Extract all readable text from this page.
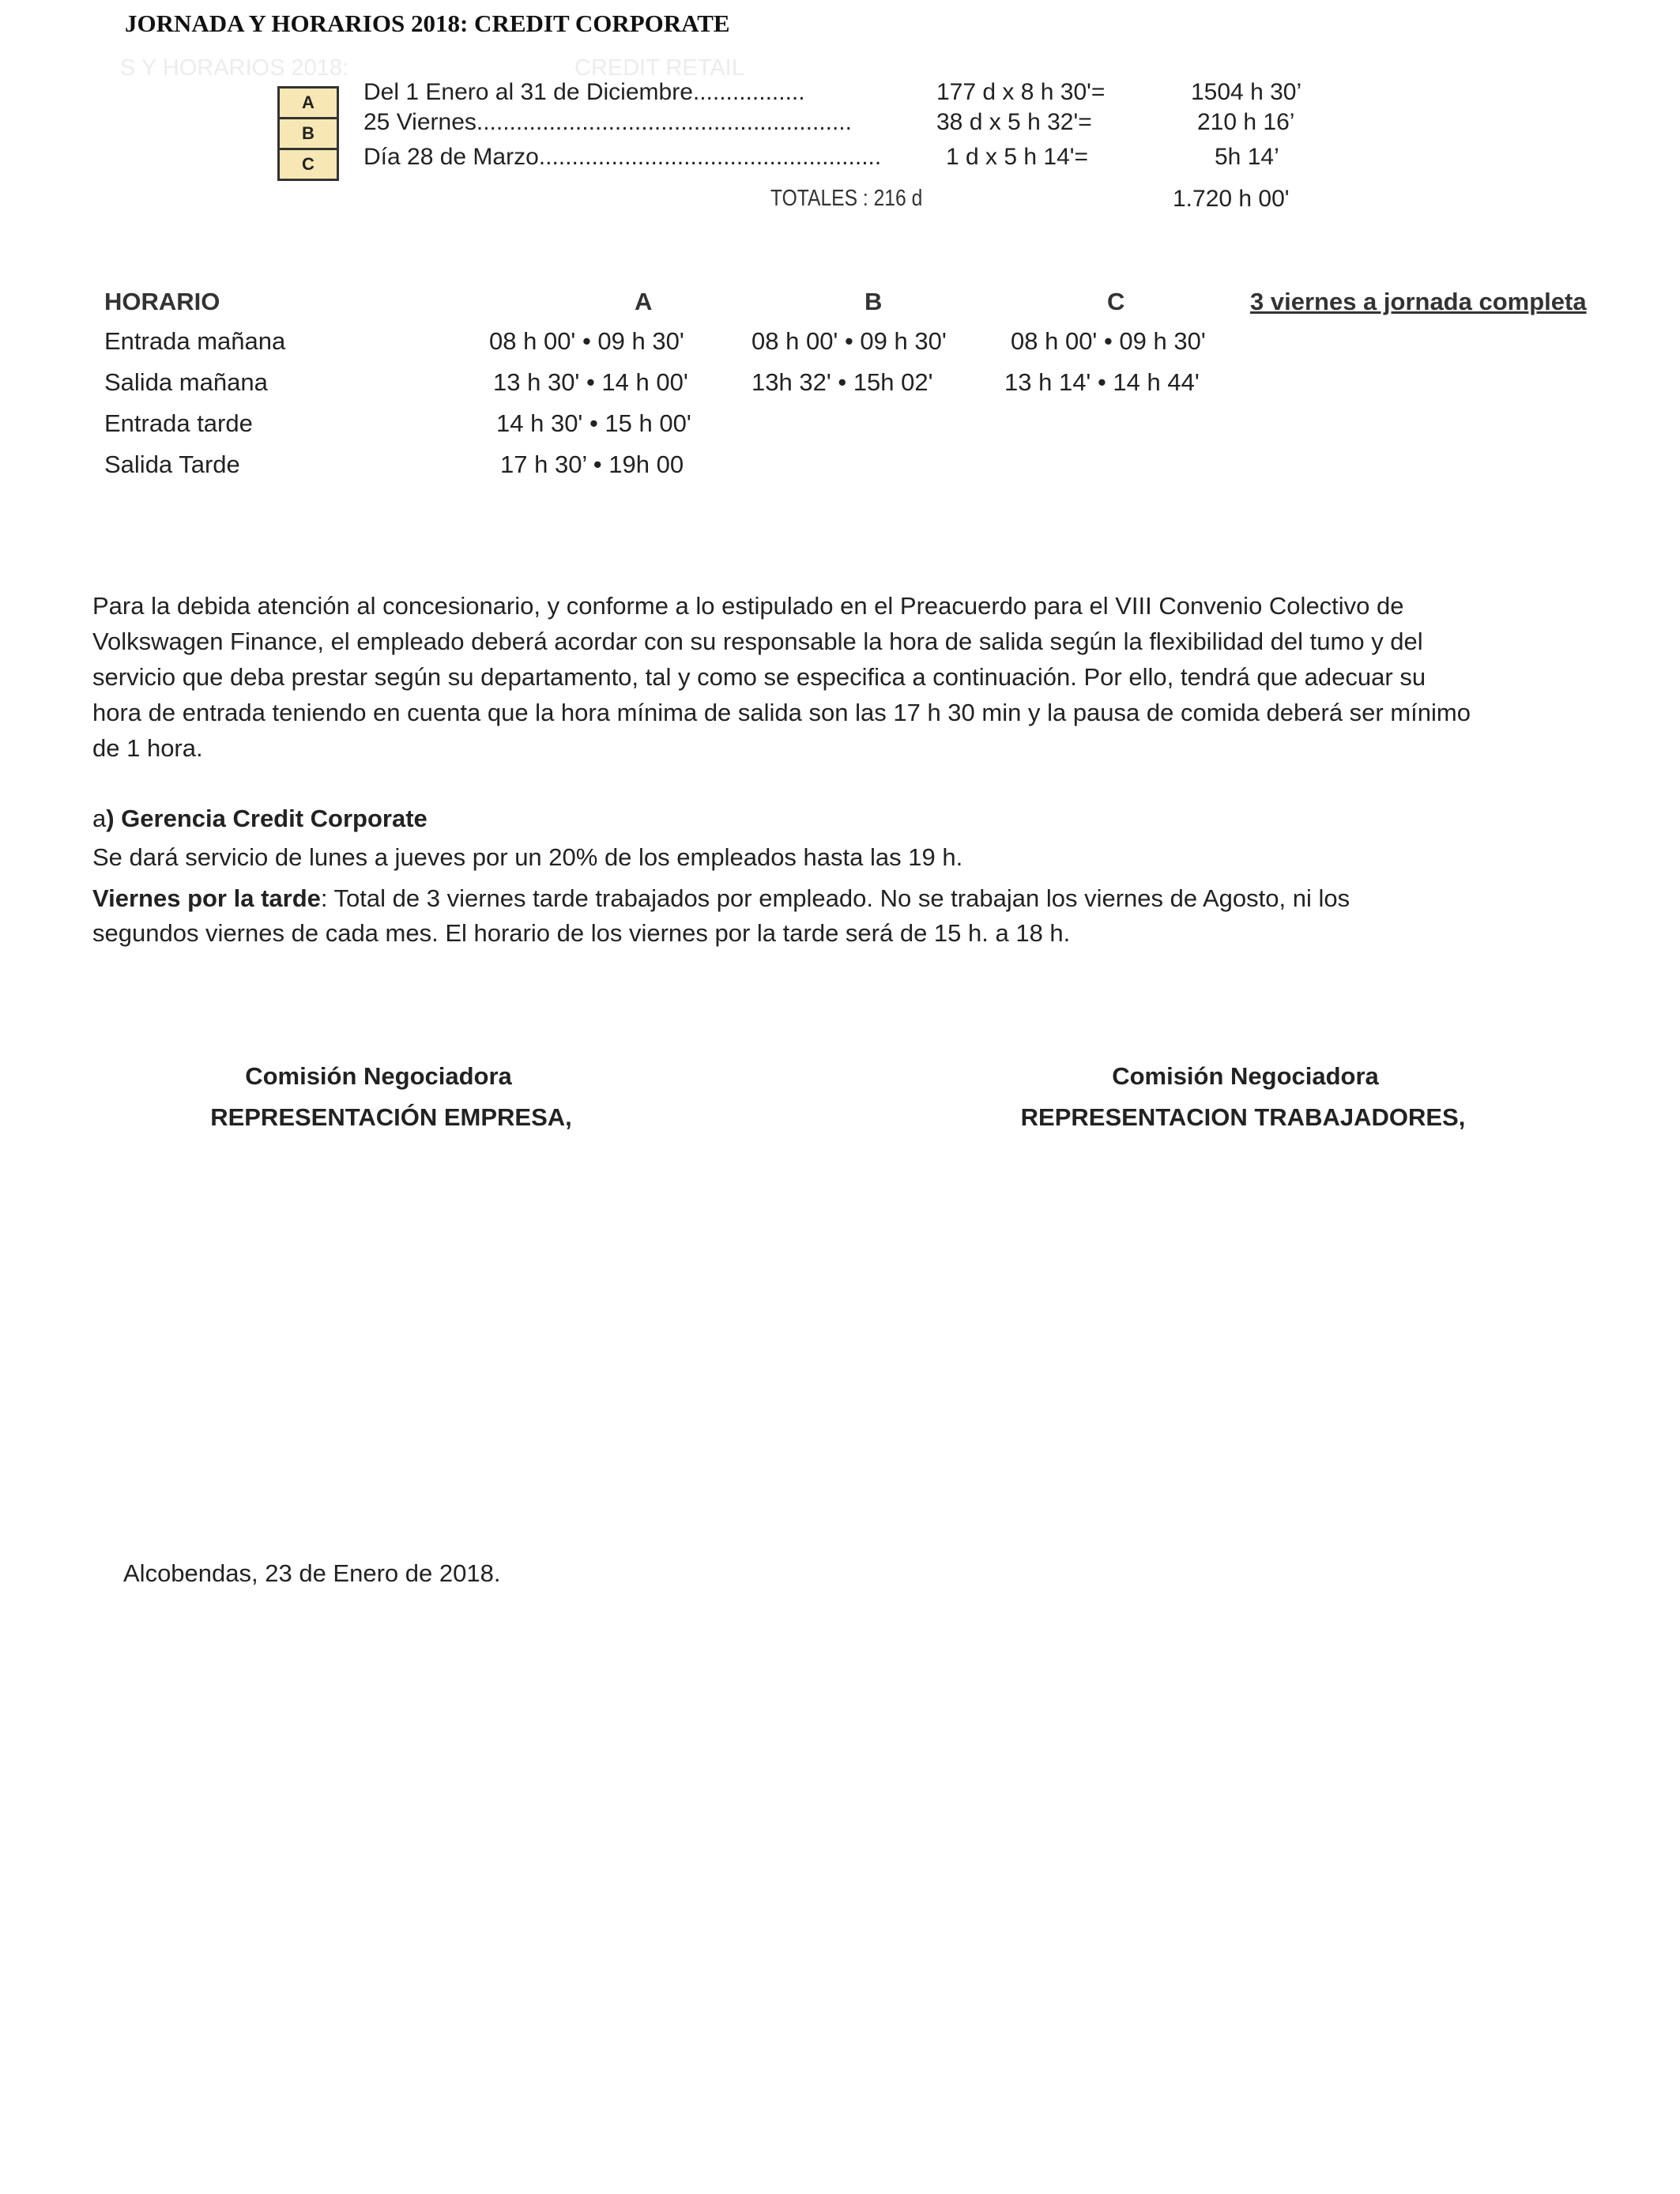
JORNADA Y HORARIOS 2018: CREDIT CORPORATE
S Y HORARIOS 2018:	CREDIT RETAIL
A
B
C
Del 1 Enero al 31 de Diciembre.................	177 d x 8 h 30'=	1504 h 30’
25 Viernes.........................................................	38 d x 5 h 32'=	210 h 16’
Día 28 de Marzo....................................................	1 d x 5 h 14'=	5h 14’
TOTALES : 216 d	1.720 h 00'
HORARIO	A	B	C	3 viernes a jornada completa
Entrada mañana	08 h 00' • 09 h 30'	08 h 00' • 09 h 30'	08 h 00' • 09 h 30'
Salida mañana	13 h 30' • 14 h 00'	13h 32' • 15h 02'	13 h 14' • 14 h 44'
Entrada tarde	14 h 30' • 15 h 00'
Salida Tarde	17 h 30’ • 19h 00
Para la debida atención al concesionario, y conforme a lo estipulado en el Preacuerdo para el VIII Convenio Colectivo de
Volkswagen Finance, el empleado deberá acordar con su responsable la hora de salida según la flexibilidad del tumo y del
servicio que deba prestar según su departamento, tal y como se especifica a continuación. Por ello, tendrá que adecuar su
hora de entrada teniendo en cuenta que la hora mínima de salida son las 17 h 30 min y la pausa de comida deberá ser mínimo
de 1 hora.
a) Gerencia Credit Corporate
Se dará servicio de lunes a jueves por un 20% de los empleados hasta las 19 h.
Viernes por la tarde: Total de 3 viernes tarde trabajados por empleado. No se trabajan los viernes de Agosto, ni los
segundos viernes de cada mes. El horario de los viernes por la tarde será de 15 h. a 18 h.
Comisión Negociadora
REPRESENTACIÓN EMPRESA,
Comisión Negociadora
REPRESENTACION TRABAJADORES,
Alcobendas, 23 de Enero de 2018.
